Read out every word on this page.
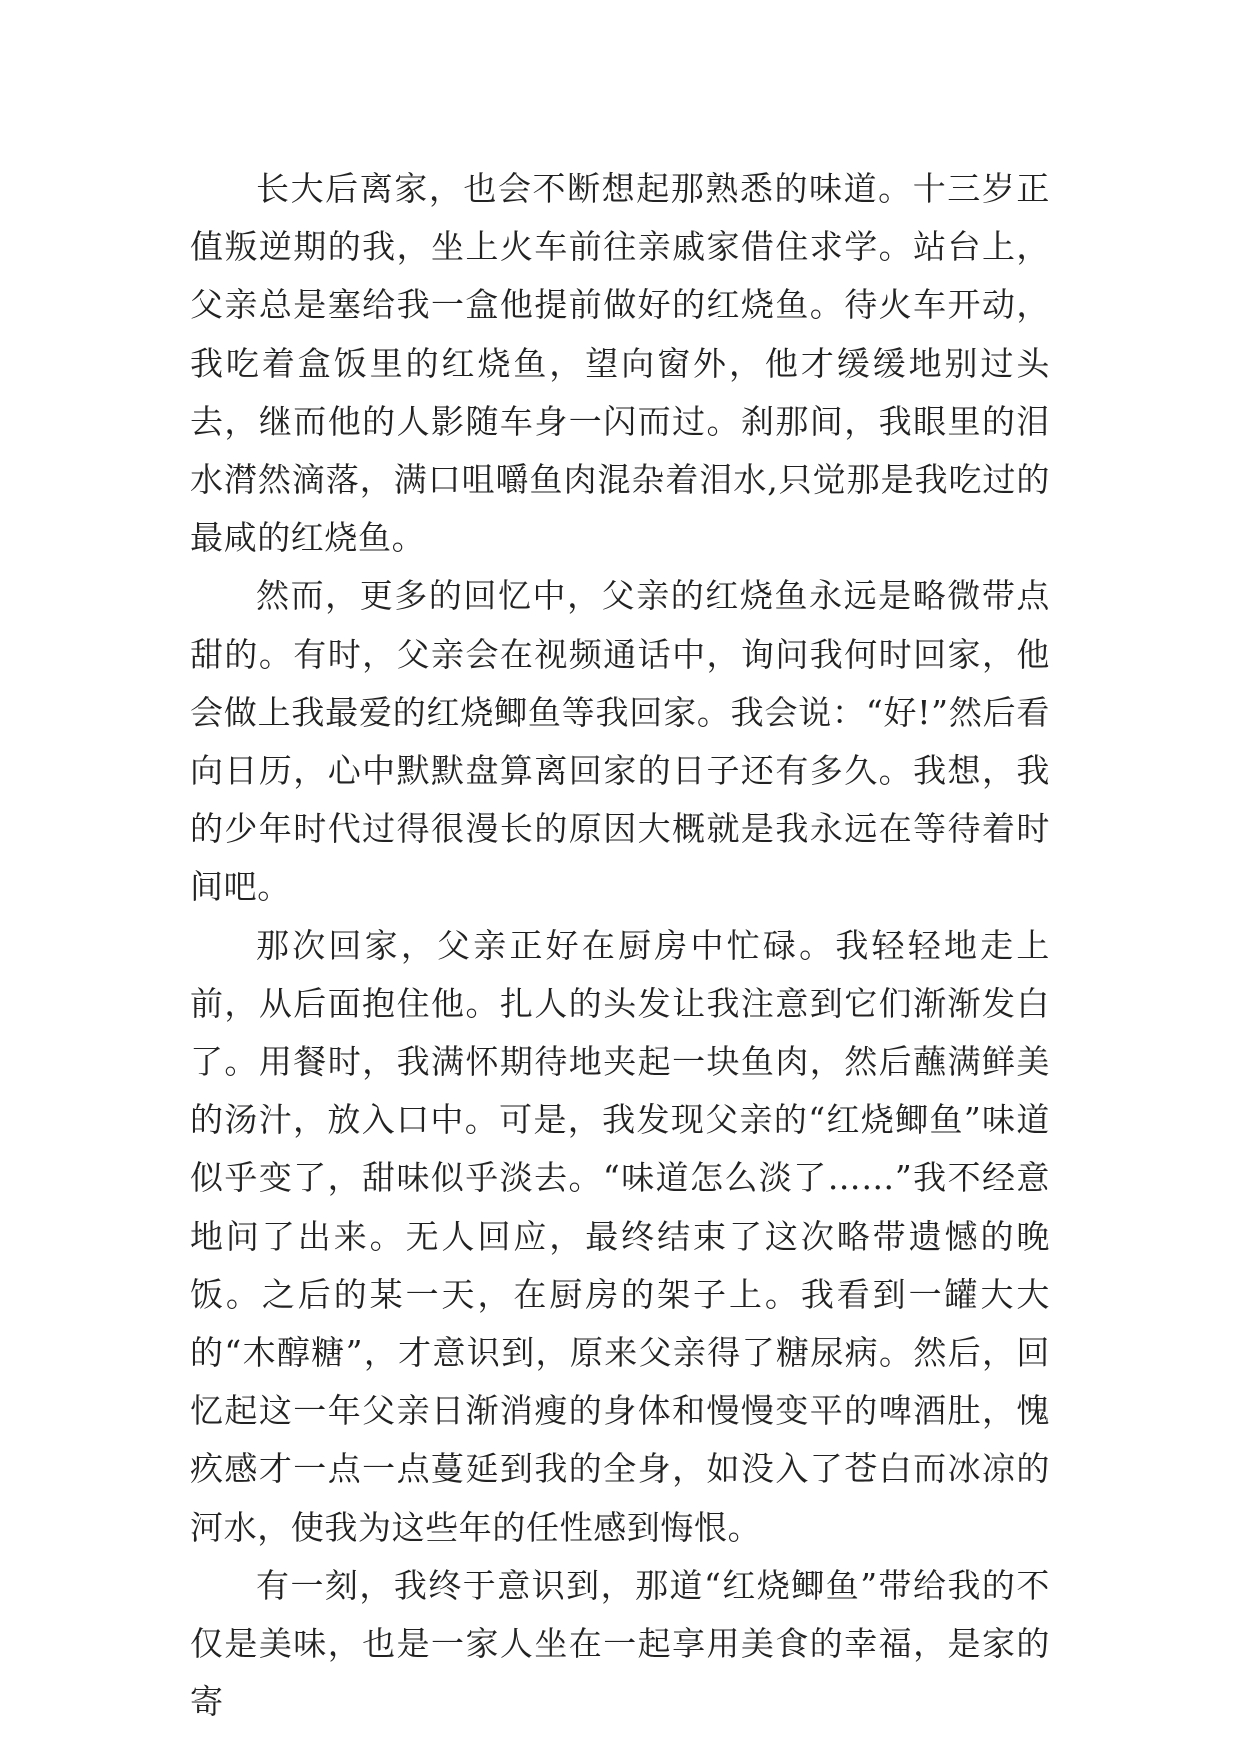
长大后离家，也会不断想起那熟悉的味道。十三岁正值叛逆期的我，坐上火车前往亲戚家借住求学。站台上，父亲总是塞给我一盒他提前做好的红烧鱼。待火车开动，我吃着盒饭里的红烧鱼，望向窗外，他才缓缓地别过头去，继而他的人影随车身一闪而过。刹那间，我眼里的泪水潸然滴落，满口咀嚼鱼肉混杂着泪水,只觉那是我吃过的最咸的红烧鱼。

然而，更多的回忆中，父亲的红烧鱼永远是略微带点甜的。有时，父亲会在视频通话中，询问我何时回家，他会做上我最爱的红烧鲫鱼等我回家。我会说：“好!”然后看向日历，心中默默盘算离回家的日子还有多久。我想，我的少年时代过得很漫长的原因大概就是我永远在等待着时间吧。

那次回家，父亲正好在厨房中忙碌。我轻轻地走上前，从后面抱住他。扎人的头发让我注意到它们渐渐发白了。用餐时，我满怀期待地夹起一块鱼肉，然后蘸满鲜美的汤汁，放入口中。可是，我发现父亲的“红烧鲫鱼”味道似乎变了，甜味似乎淡去。“味道怎么淡了……”我不经意地问了出来。无人回应，最终结束了这次略带遗憾的晚饭。之后的某一天，在厨房的架子上。我看到一罐大大的“木醇糖”，才意识到，原来父亲得了糖尿病。然后，回忆起这一年父亲日渐消瘦的身体和慢慢变平的啤酒肚，愧疚感才一点一点蔓延到我的全身，如没入了苍白而冰凉的河水，使我为这些年的任性感到悔恨。

有一刻，我终于意识到，那道“红烧鲫鱼”带给我的不仅是美味，也是一家人坐在一起享用美食的幸福，是家的寄
